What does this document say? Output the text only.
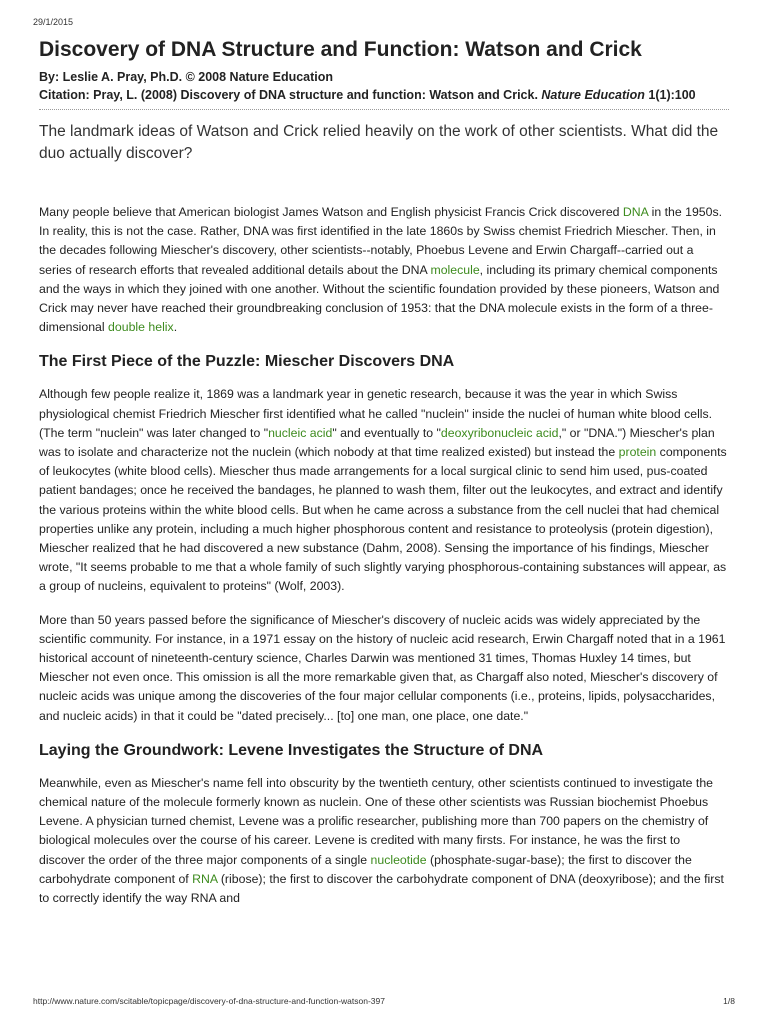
29/1/2015
Discovery of DNA Structure and Function: Watson and Crick
By: Leslie A. Pray, Ph.D. © 2008 Nature Education
Citation: Pray, L. (2008) Discovery of DNA structure and function: Watson and Crick. Nature Education 1(1):100
The landmark ideas of Watson and Crick relied heavily on the work of other scientists. What did the duo actually discover?

Many people believe that American biologist James Watson and English physicist Francis Crick discovered DNA in the 1950s. In reality, this is not the case. Rather, DNA was first identified in the late 1860s by Swiss chemist Friedrich Miescher. Then, in the decades following Miescher's discovery, other scientists--notably, Phoebus Levene and Erwin Chargaff--carried out a series of research efforts that revealed additional details about the DNA molecule, including its primary chemical components and the ways in which they joined with one another. Without the scientific foundation provided by these pioneers, Watson and Crick may never have reached their groundbreaking conclusion of 1953: that the DNA molecule exists in the form of a three-dimensional double helix.

The First Piece of the Puzzle: Miescher Discovers DNA

Although few people realize it, 1869 was a landmark year in genetic research, because it was the year in which Swiss physiological chemist Friedrich Miescher first identified what he called "nuclein" inside the nuclei of human white blood cells. (The term "nuclein" was later changed to "nucleic acid" and eventually to "deoxyribonucleic acid," or "DNA.") Miescher's plan was to isolate and characterize not the nuclein (which nobody at that time realized existed) but instead the protein components of leukocytes (white blood cells). Miescher thus made arrangements for a local surgical clinic to send him used, pus-coated patient bandages; once he received the bandages, he planned to wash them, filter out the leukocytes, and extract and identify the various proteins within the white blood cells. But when he came across a substance from the cell nuclei that had chemical properties unlike any protein, including a much higher phosphorous content and resistance to proteolysis (protein digestion), Miescher realized that he had discovered a new substance (Dahm, 2008). Sensing the importance of his findings, Miescher wrote, "It seems probable to me that a whole family of such slightly varying phosphorous-containing substances will appear, as a group of nucleins, equivalent to proteins" (Wolf, 2003).

More than 50 years passed before the significance of Miescher's discovery of nucleic acids was widely appreciated by the scientific community. For instance, in a 1971 essay on the history of nucleic acid research, Erwin Chargaff noted that in a 1961 historical account of nineteenth-century science, Charles Darwin was mentioned 31 times, Thomas Huxley 14 times, but Miescher not even once. This omission is all the more remarkable given that, as Chargaff also noted, Miescher's discovery of nucleic acids was unique among the discoveries of the four major cellular components (i.e., proteins, lipids, polysaccharides, and nucleic acids) in that it could be "dated precisely... [to] one man, one place, one date."

Laying the Groundwork: Levene Investigates the Structure of DNA

Meanwhile, even as Miescher's name fell into obscurity by the twentieth century, other scientists continued to investigate the chemical nature of the molecule formerly known as nuclein. One of these other scientists was Russian biochemist Phoebus Levene. A physician turned chemist, Levene was a prolific researcher, publishing more than 700 papers on the chemistry of biological molecules over the course of his career. Levene is credited with many firsts. For instance, he was the first to discover the order of the three major components of a single nucleotide (phosphate-sugar-base); the first to discover the carbohydrate component of RNA (ribose); the first to discover the carbohydrate component of DNA (deoxyribose); and the first to correctly identify the way RNA and

http://www.nature.com/scitable/topicpage/discovery-of-dna-structure-and-function-watson-397	1/8
